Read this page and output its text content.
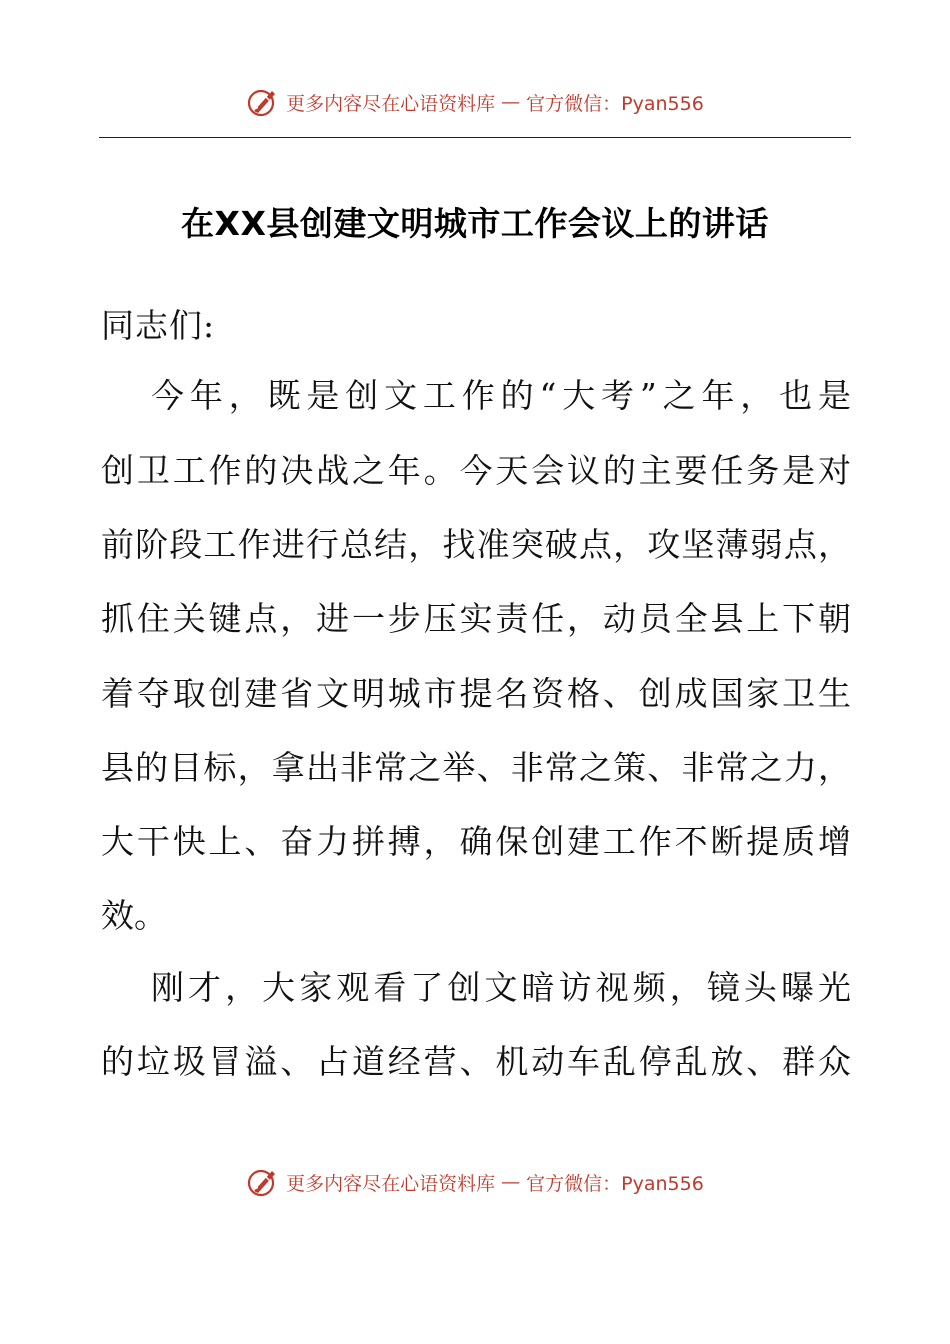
更多内容尽在心语资料库 — 官方微信：Pyan556
在XX县创建文明城市工作会议上的讲话
同志们:
今年，既是创文工作的“大考”之年，也是
创卫工作的决战之年。今天会议的主要任务是对
前阶段工作进行总结，找准突破点，攻坚薄弱点，
抓住关键点，进一步压实责任，动员全县上下朝
着夺取创建省文明城市提名资格、创成国家卫生
县的目标，拿出非常之举、非常之策、非常之力，
大干快上、奋力拼搏，确保创建工作不断提质增
效。
刚才，大家观看了创文暗访视频，镜头曝光
的垃圾冒溢、占道经营、机动车乱停乱放、群众
更多内容尽在心语资料库 — 官方微信：Pyan556
